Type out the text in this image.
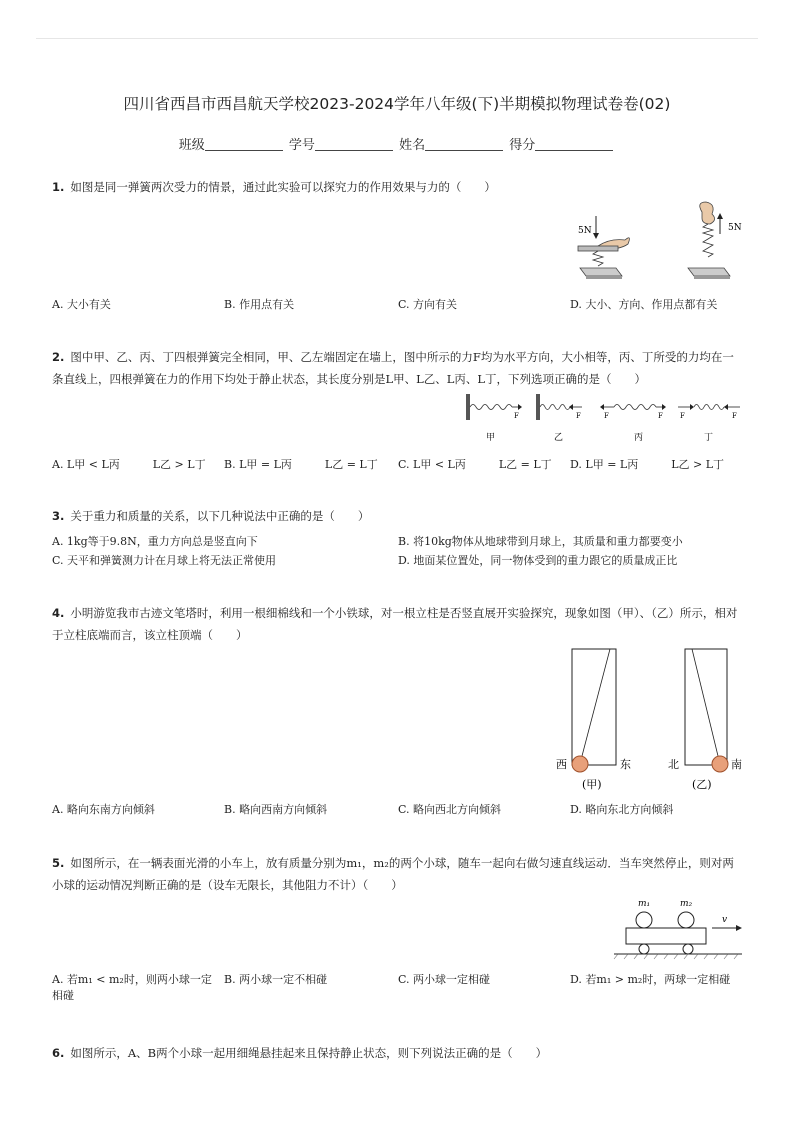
四川省西昌市西昌航天学校2023-2024学年八年级(下)半期模拟物理试卷卷(02)
班级	学号	姓名	得分
1. 如图是同一弹簧两次受力的情景，通过此实验可以探究力的作用效果与力的（　　）
5N	5N
A. 大小有关	B. 作用点有关	C. 方向有关	D. 大小、方向、作用点都有关
2. 图中甲、乙、丙、丁四根弹簧完全相同，甲、乙左端固定在墙上，图中所示的力F均为水平方向，大小相等，丙、丁所受的力均在一条直线上，四根弹簧在力的作用下均处于静止状态，其长度分别是L甲、L乙、L丙、L丁，下列选项正确的是（　　）
F
甲
F
乙
F	F
丙
F	F
丁
A. L甲 < L丙　　　L乙 > L丁 B. L甲 = L丙　　　L乙 = L丁 C. L甲 < L丙　　　L乙 = L丁 D. L甲 = L丙　　　L乙 > L丁
3. 关于重力和质量的关系，以下几种说法中正确的是（　　）
A. 1kg等于9.8N，重力方向总是竖直向下	B. 将10kg物体从地球带到月球上，其质量和重力都要变小
C. 天平和弹簧测力计在月球上将无法正常使用	D. 地面某位置处，同一物体受到的重力跟它的质量成正比
4. 小明游览我市古迹文笔塔时，利用一根细棉线和一个小铁球，对一根立柱是否竖直展开实验探究，现象如图（甲）、（乙）所示，相对于立柱底端而言，该立柱顶端（　　）
西	东
(甲)
北	南
(乙)
A. 略向东南方向倾斜	B. 略向西南方向倾斜	C. 略向西北方向倾斜	D. 略向东北方向倾斜
5. 如图所示，在一辆表面光滑的小车上，放有质量分别为m₁，m₂的两个小球，随车一起向右做匀速直线运动．当车突然停止，则对两小球的运动情况判断正确的是（设车无限长，其他阻力不计）（　　）
m₁	m₂
v
A. 若m₁ < m₂时，则两小球一定相碰
B. 两小球一定不相碰	C. 两小球一定相碰	D. 若m₁ > m₂时，两球一定相碰
6. 如图所示，A、B两个小球一起用细绳悬挂起来且保持静止状态，则下列说法正确的是（　　）
